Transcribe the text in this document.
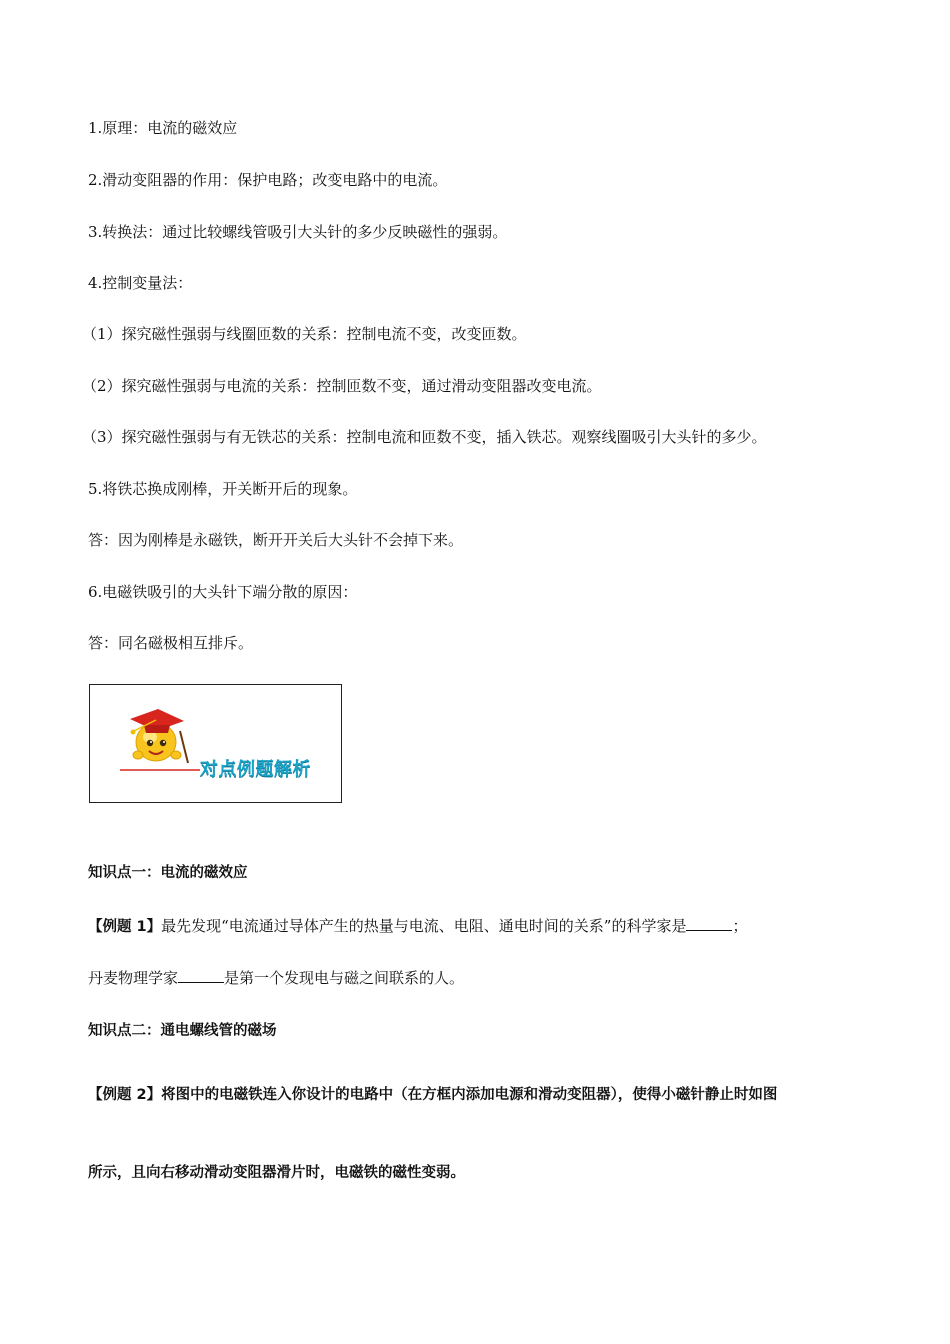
1.原理：电流的磁效应
2.滑动变阻器的作用：保护电路；改变电路中的电流。
3.转换法：通过比较螺线管吸引大头针的多少反映磁性的强弱。
4.控制变量法：
（1）探究磁性强弱与线圈匝数的关系：控制电流不变，改变匝数。
（2）探究磁性强弱与电流的关系：控制匝数不变，通过滑动变阻器改变电流。
（3）探究磁性强弱与有无铁芯的关系：控制电流和匝数不变，插入铁芯。观察线圈吸引大头针的多少。
5.将铁芯换成刚棒，开关断开后的现象。
答：因为刚棒是永磁铁，断开开关后大头针不会掉下来。
6.电磁铁吸引的大头针下端分散的原因：
答：同名磁极相互排斥。
对点例题解析
知识点一：电流的磁效应
【例题 1】最先发现“电流通过导体产生的热量与电流、电阻、通电时间的关系”的科学家是	；
丹麦物理学家	是第一个发现电与磁之间联系的人。
知识点二：通电螺线管的磁场
【例题 2】将图中的电磁铁连入你设计的电路中（在方框内添加电源和滑动变阻器），使得小磁针静止时如图
所示，且向右移动滑动变阻器滑片时，电磁铁的磁性变弱。
